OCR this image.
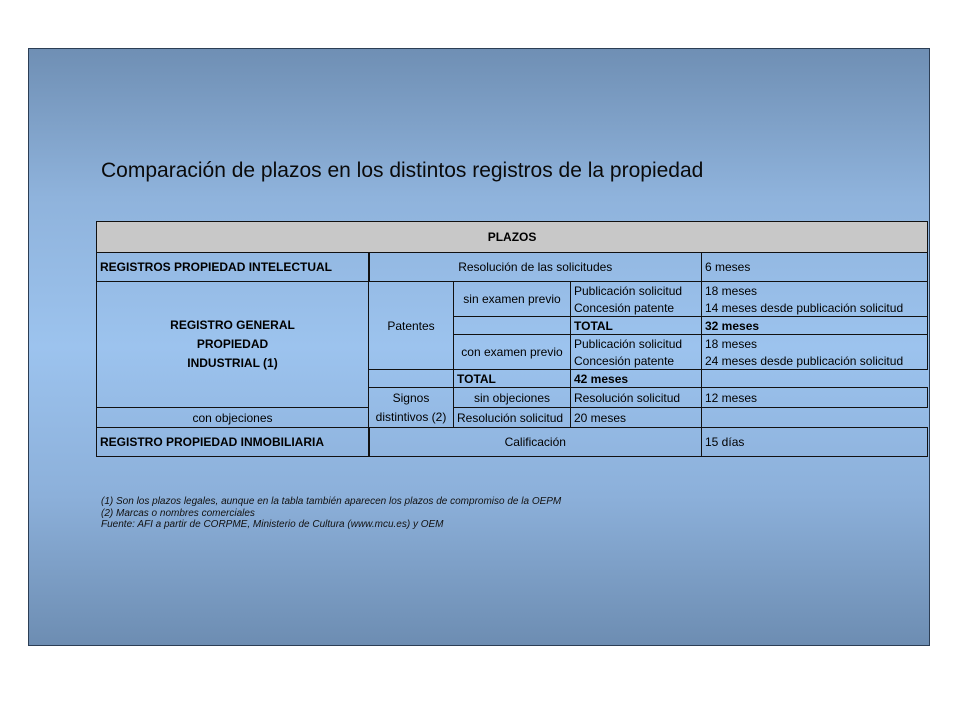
Comparación de plazos en los distintos registros de la propiedad
PLAZOS				
REGISTROS PROPIEDAD INTELECTUAL	Resolución de las solicitudes			6 meses

REGISTRO GENERAL
PROPIEDAD
INDUSTRIAL (1)	Patentes	sin examen previo	Publicación solicitud	18 meses
			Concesión patente	14 meses desde publicación solicitud
			TOTAL	32 meses
		con examen previo	Publicación solicitud	18 meses
			Concesión patente	24 meses desde publicación solicitud
		TOTAL	42 meses	

	Signos
distintivos (2)	sin objeciones	Resolución solicitud	12 meses
con objeciones		Resolución solicitud	20 meses	
REGISTRO PROPIEDAD INMOBILIARIA	Calificación			15 días
(1) Son los plazos legales, aunque en la tabla también aparecen los plazos de compromiso de la OEPM
(2) Marcas o nombres comerciales
Fuente: AFI a partir de CORPME, Ministerio de Cultura (www.mcu.es) y OEM
